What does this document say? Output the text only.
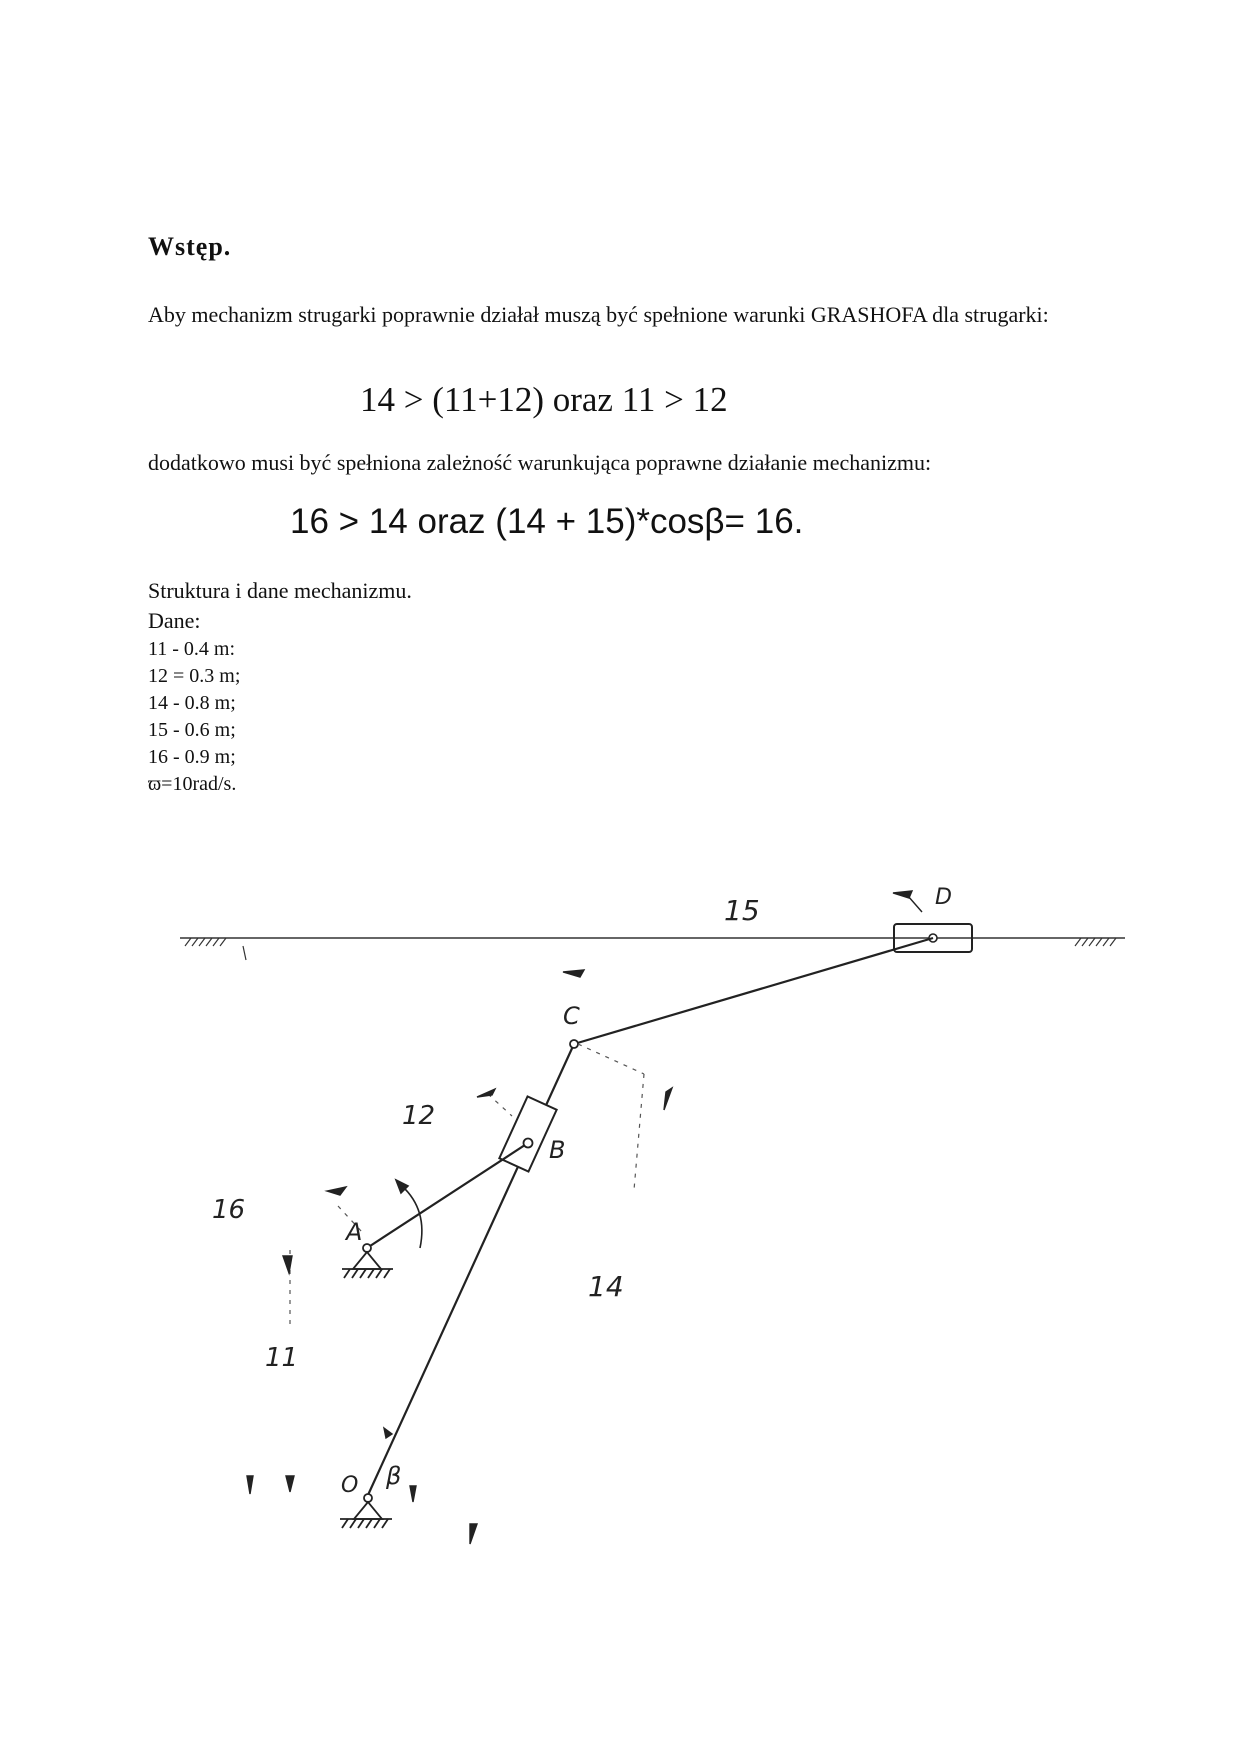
Wstęp.
Aby mechanizm strugarki poprawnie działał muszą być spełnione warunki GRASHOFA dla strugarki:
14 > (11+12) oraz 11 > 12
dodatkowo musi być spełniona zależność warunkująca poprawne działanie mechanizmu:
16 > 14 oraz (14 + 15)*cosβ= 16.
Struktura i dane mechanizmu.
Dane:
11 - 0.4 m:
12 = 0.3 m;
14 - 0.8 m;
15 - 0.6 m;
16 - 0.9 m;
ϖ=10rad/s.
15	D
C
12
B
16
A
14
11
O β
